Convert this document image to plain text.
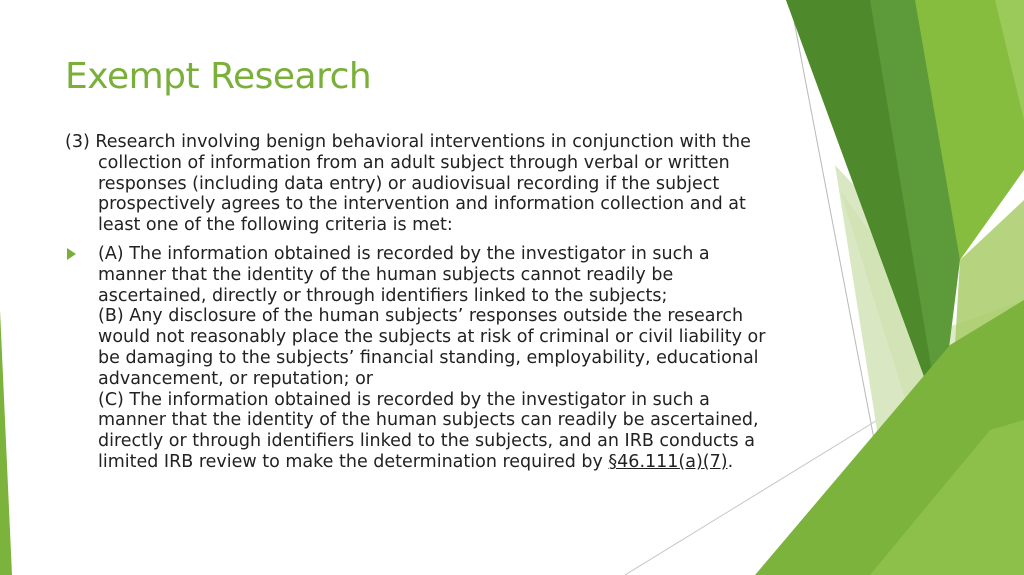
Exempt Research

(3) Research involving benign behavioral interventions in conjunction with the collection of information from an adult subject through verbal or written responses (including data entry) or audiovisual recording if the subject prospectively agrees to the intervention and information collection and at least one of the following criteria is met:

(A) The information obtained is recorded by the investigator in such a manner that the identity of the human subjects cannot readily be ascertained, directly or through identifiers linked to the subjects;
(B) Any disclosure of the human subjects’ responses outside the research would not reasonably place the subjects at risk of criminal or civil liability or be damaging to the subjects’ financial standing, employability, educational advancement, or reputation; or
(C) The information obtained is recorded by the investigator in such a manner that the identity of the human subjects can readily be ascertained, directly or through identifiers linked to the subjects, and an IRB conducts a limited IRB review to make the determination required by §46.111(a)(7).
